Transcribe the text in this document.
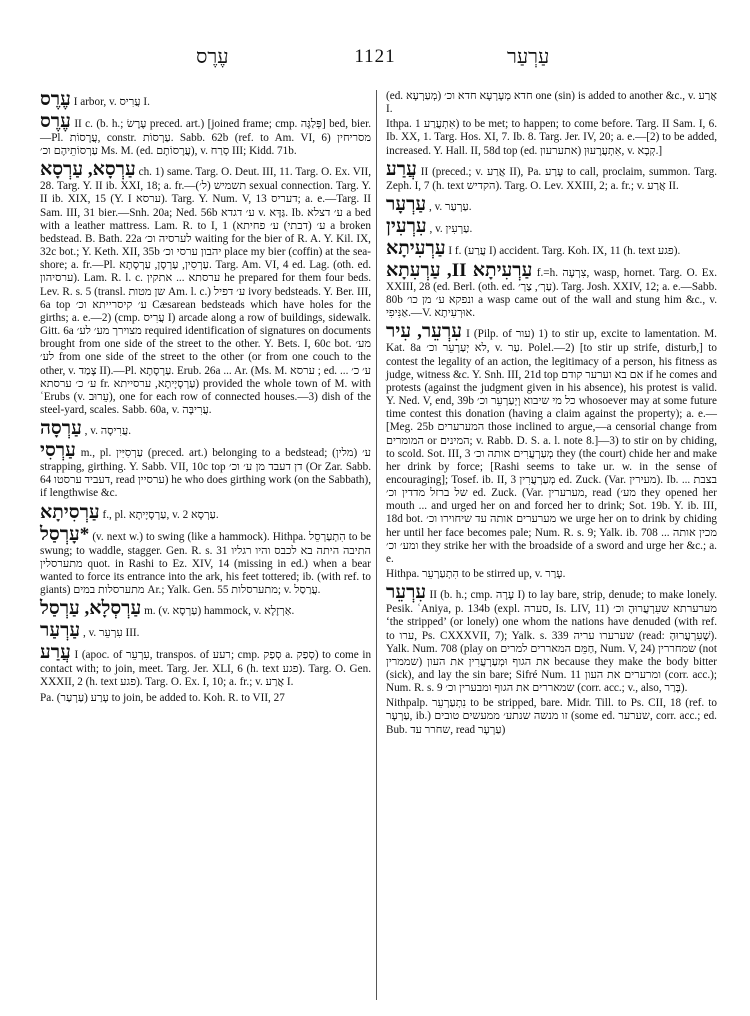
עֶרֶס	1121	עַרְעַר

עֶרֶס I arbor, v. עֲרִיס I.

עֶרֶס II c. (b. h.; עֶרֶשׂ preced. art.) [joined frame; cmp. פְּלַגָּה] bed, bier.—Pl. עֲרָסוֹת, constr. עַרְסוֹת. Sabb. 62b (ref. to Am. VI, 6) מסריחין עַרְסוֹתֵיהֶם וכ׳ Ms. M. (ed. עֲרָסוֹתָם), v. סְרַח III; Kidd. 71b.

עַרְסָא, עַרְסָא ch. 1) same. Targ. O. Deut. III, 11. Targ. O. Ex. VII, 28. Targ. Y. II ib. XXI, 18; a. fr.—(ל׳) תשמיש sexual connection. Targ. Y. II ib. XIX, 15 (Y. I ערסא). Targ. Y. Num. V, 13 דעריס; a. e.—Targ. II Sam. III, 31 bier.—Snh. 20a; Ned. 56b ע׳ דגדא v. גַּדָּא. Ib. ע׳ דצלא a bed with a leather mattress. Lam. R. to I, 1 (ע׳ (דבתי) ע׳ פחיתא a broken bedstead. B. Bath. 22a לערסיה וכ׳ waiting for the bier of R. A. Y. Kil. IX, 32c bot.; Y. Keth. XII, 35b יהבון ערסי וכ׳ place my bier (coffin) at the sea-shore; a. fr.—Pl. עַרְסִין, עַרְסָן, עַרְסָתָא. Targ. Am. VI, 4 ed. Lag. (oth. ed. ערסיהון). Lam. R. l. c. ערסתא ... אתקין he prepared for them four beds. Lev. R. s. 5 (transl. שן מטות Am. l. c.) ע׳ דפיל ivory bedsteads. Y. Ber. III, 6a top ע׳ קיסרייתא וכ׳ Cæsarean bedsteads which have holes for the girths; a. e.—2) (cmp. עֲרִיס I) arcade along a row of buildings, sidewalk. Gitt. 6a מצוירך מע׳ לע׳ required identification of signatures on documents brought from one side of the street to the other. Y. Bets. I, 60c bot. מע׳ לע׳ from one side of the street to the other (or from one couch to the other, v. צָמַד II).—Pl. עַרְסָתָא. Erub. 26a ... Ar. (Ms. M. ערסא ; ed. ע׳ כ׳ ... ע׳ כ׳ ערסתא fr. עַרְסָיָיתָא, ערסייתא) provided the whole town of M. with ʿErubs (v. עֵרוּב), one for each row of connected houses.—3) dish of the steel-yard, scales. Sabb. 60a, v. עֲרִיבָּה.

עַרְסָה , v. עֲרִיסָה.

עַרְסִי m., pl. עַרְסִיִּין (preced. art.) belonging to a bedstead; ע׳ (מלין) strapping, girthing. Y. Sabb. VII, 10c top דן דעבד מן ע׳ וכ׳ (Or Zar. Sabb. 64 דעביד ערסטו, read ערסיין) he who does girthing work (on the Sabbath), if lengthwise &c.

עַרְסִיתָא f., pl. עַרְסָיָיתָא, v. עַרְסָא 2.

*עָרְסַל (v. next w.) to swing (like a hammock). Hithpa. הִתְעַרְסֵל to be swung; to waddle, stagger. Gen. R. s. 31 התיבה היתה בא לכבס והיו רגליו מתערסלין quot. in Rashi to Ez. XIV, 14 (missing in ed.) when a bear wanted to force its entrance into the ark, his feet tottered; ib. (with ref. to giants) מתערסלות במים Ar.; Yalk. Gen. 55 מתערסלות; v. עֲרַסַל.

עַרְסְלָא, עַרְסַל m. (v. עַרְסָא) hammock, v. אַרְזָלָא.

עַרְעַר , v. עִרְעֵר III.

עֲרַע I (apoc. of עִרְעֵר, transpos. of רעע; cmp. סְפַק a. סְפַק) to come in contact with; to join, meet. Targ. Jer. XLI, 6 (h. text פגע). Targ. O. Gen. XXXII, 2 (h. text פגע). Targ. O. Ex. I, 10; a. fr.; v. אֲרַע I.

Pa. עָרַע (עַרְעַר) to join, be added to. Koh. R. to VII, 27

(ed. מְעַרְעָא) חדא מְעָרְעָא חדא וכ׳ one (sin) is added to another &c., v. אֲרַע I.

Ithpa. אִתְעֲרַע 1) to be met; to happen; to come before. Targ. II Sam. I, 6. Ib. XX, 1. Targ. Hos. XI, 7. Ib. 8. Targ. Jer. IV, 20; a. e.—[2) to be added, increased. Y. Hall. II, 58d top (ed. אתערעון) אִתְעֲרָעוּן, v. קְבָא.]

עֲרַע II (preced.; v. אֲרַע II), Pa. עָרַע to call, proclaim, summon. Targ. Zeph. I, 7 (h. text הקדיש). Targ. O. Lev. XXIII, 2; a. fr.; v. אֲרַע II.

עַרְעָר , v. עַרְעַר.

עִרְעִין , v. עַרְעִין.

עַרְעִיתָא I f. (עֲרַע I) accident. Targ. Koh. IX, 11 (h. text פגע).

עַרְעִיתָא II, עַרְעִתָא f.=h. צִרְעָה, wasp, hornet. Targ. O. Ex. XXIII, 28 (ed. Berl. (oth. ed. עַרְ׳, צַרְ׳). Targ. Josh. XXIV, 12; a. e.—Sabb. 80b ונפקא ע׳ מן כו׳ a wasp came out of the wall and stung him &c., v. אַנִּיפִי.—V. אוּרְעִיתָא.

עִרְעֵר, עִיר I (Pilp. of עור) 1) to stir up, excite to lamentation. M. Kat. 8a לא יְעַרְעֵר וכ׳, v. עַר. Polel.—2) [to stir up strife, disturb,] to contest the legality of an action, the legitimacy of a person, his fitness as judge, witness &c. Y. Snh. III, 21d top אם בא וערער קודם if he comes and protests (against the judgment given in his absence), his protest is valid. Y. Ned. V, end, 39b כל מי שיבוא וְיְעַרְעֵר וכ׳ whosoever may at some future time contest this donation (having a claim against the property); a. e.—[Meg. 25b המערערים those inclined to argue,—a censorial change from המומרים or המינים; v. Rabb. D. S. a. l. note 8.]—3) to stir on by chiding, to scold. Sot. III, 3 מְעַרְעֲרִים אותה וכ׳ they (the court) chide her and make her drink by force; [Rashi seems to take ur. w. in the sense of encouraging]; Tosef. ib. II, 3 מְעַרְעֲרִין ed. Zuck. (Var. מעירין). Ib. בצבת ... של ברזל מדדין וכ׳ ed. Zuck. (Var. מערערין, read (מע׳ they opened her mouth ... and urged her on and forced her to drink; Sot. 19b. Y. ib. III, 18d bot. מערערים אותה עד שיחוירו וכ׳ we urge her on to drink by chiding her until her face becomes pale; Num. R. s. 9; Yalk. ib. 708 מכין אותה ... ומע׳ וכ׳ they strike her with the broadside of a sword and urge her &c.; a. e.

Hithpa. הִתְעַרְעֵר to be stirred up, v. עָרַר.

עִרְעֵר II (b. h.; cmp. עָרָה I) to lay bare, strip, denude; to make lonely. Pesik. ʿAniya, p. 134b (expl. סערה, Is. LIV, 11) מערערתא שעִרְעֲרוּהָ וכ׳ ‘the stripped’ (or lonely) one whom the nations have denuded (with ref. to ערו, Ps. CXXXVII, 7); Yalk. s. 339 שערערו עריה (read: שֶׁעִרְעֲרוּהָ). Yalk. Num. 708 (play on חַמֵּם המאררים למרים, Num. V, 24) שמחררין (not שממרין) את הגוף וּמְעַרְעֲרִין את העון because they make the body bitter (sick), and lay the sin bare; Sifré Num. 11 ומרערים את העון (corr. acc.); Num. R. s. 9 שמאררים את הגוף ומבערין וכ׳ (corr. acc.; v., also, בָּרַר).

Nithpalp. נִתְעַרְעֵר to be stripped, bare. Midr. Till. to Ps. CII, 18 (ref. to עַרְעָר, ib.) זו מנשה שנתע׳ ממעשים טובים (some ed. שערער, corr. acc.; ed. Bub. שחרר עד, read עַרְעָר)
